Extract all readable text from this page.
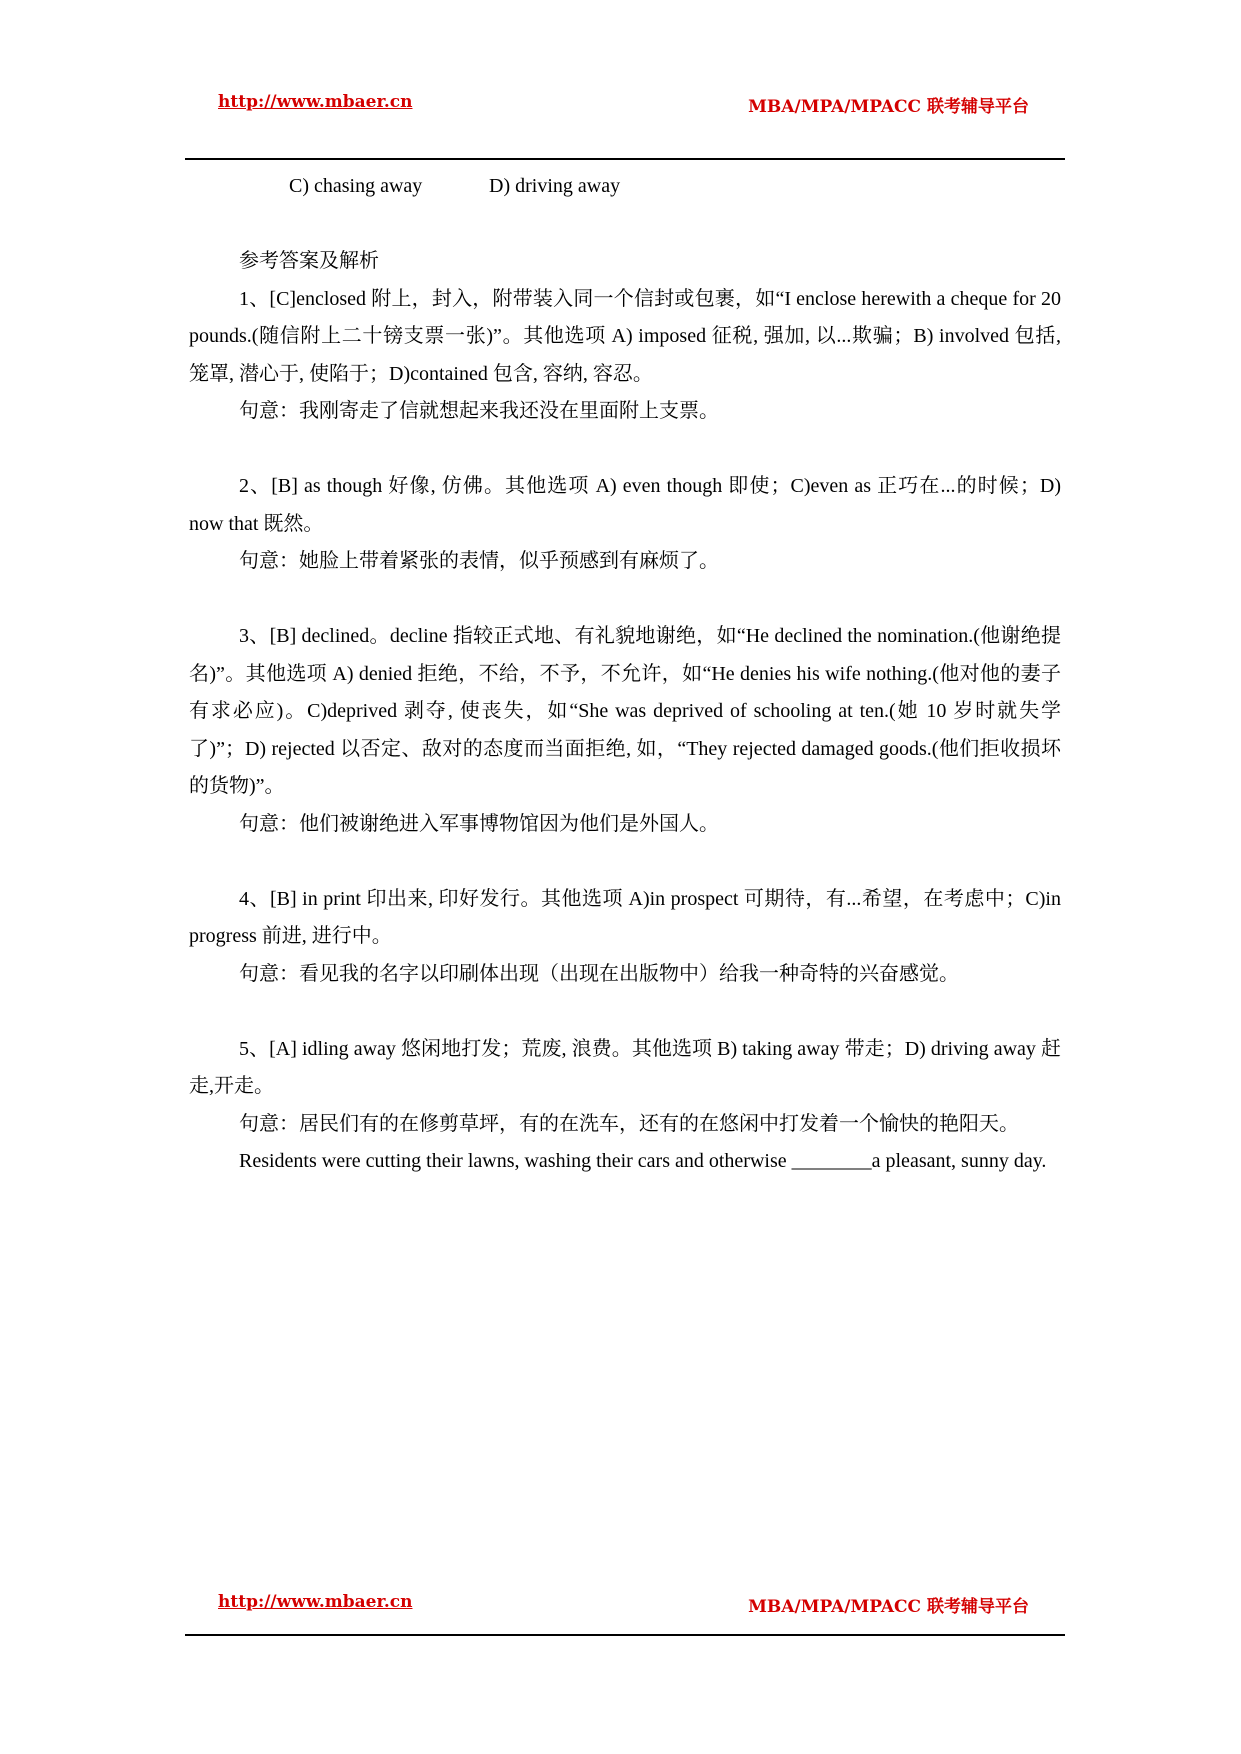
http://www.mbaer.cn	MBA/MPA/MPACC 联考辅导平台

C) chasing away	D) driving away

参考答案及解析

1、[C]enclosed 附上，封入，附带装入同一个信封或包裹，如“I enclose herewith a cheque for 20 pounds.(随信附上二十镑支票一张)”。其他选项 A) imposed 征税, 强加, 以...欺骗；B) involved 包括, 笼罩, 潜心于, 使陷于；D)contained 包含, 容纳, 容忍。

句意：我刚寄走了信就想起来我还没在里面附上支票。

2、[B] as though 好像, 仿佛。其他选项 A) even though 即使；C)even as 正巧在...的时候；D) now that 既然。

句意：她脸上带着紧张的表情，似乎预感到有麻烦了。

3、[B] declined。decline 指较正式地、有礼貌地谢绝，如“He declined the nomination.(他谢绝提名)”。其他选项 A) denied 拒绝，不给，不予，不允许，如“He denies his wife nothing.(他对他的妻子有求必应)。C)deprived 剥夺, 使丧失，如“She was deprived of schooling at ten.(她 10 岁时就失学了)”；D) rejected 以否定、敌对的态度而当面拒绝, 如，“They rejected damaged goods.(他们拒收损坏的货物)”。

句意：他们被谢绝进入军事博物馆因为他们是外国人。

4、[B] in print 印出来, 印好发行。其他选项 A)in prospect 可期待，有...希望，在考虑中；C)in progress 前进, 进行中。

句意：看见我的名字以印刷体出现（出现在出版物中）给我一种奇特的兴奋感觉。

5、[A] idling away 悠闲地打发；荒废, 浪费。其他选项 B) taking away 带走；D) driving away 赶走,开走。

句意：居民们有的在修剪草坪，有的在洗车，还有的在悠闲中打发着一个愉快的艳阳天。

Residents were cutting their lawns, washing their cars and otherwise ________a pleasant, sunny day.

http://www.mbaer.cn	MBA/MPA/MPACC 联考辅导平台
